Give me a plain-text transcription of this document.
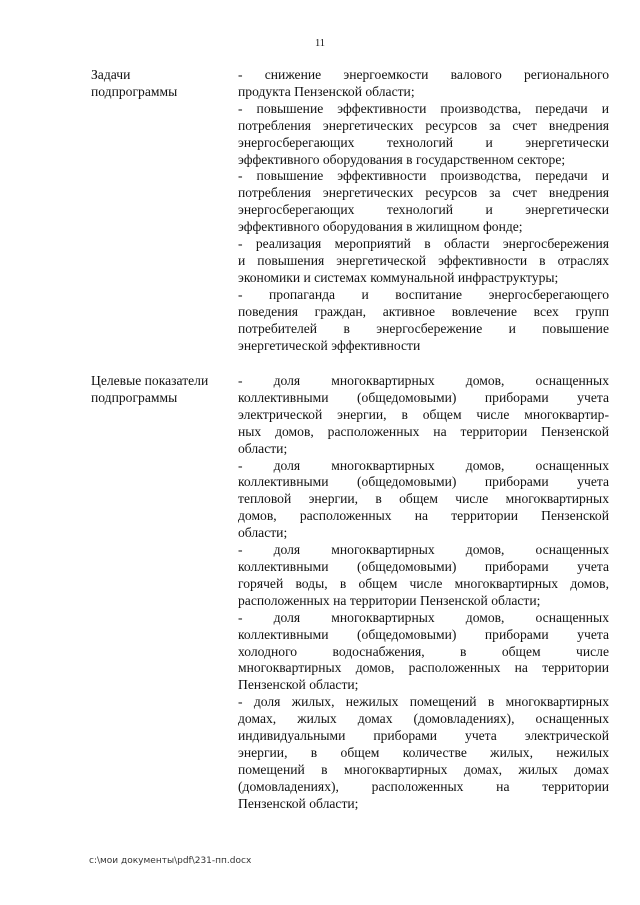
11
Задачи
подпрограммы
- снижение энергоемкости валового регионального
продукта Пензенской области;
- повышение эффективности производства, передачи и
потребления энергетических ресурсов за счет внедрения
энергосберегающих технологий и энергетически
эффективного оборудования в государственном секторе;
- повышение эффективности производства, передачи и
потребления энергетических ресурсов за счет внедрения
энергосберегающих технологий и энергетически
эффективного оборудования в жилищном фонде;
- реализация мероприятий в области энергосбережения
и повышения энергетической эффективности в отраслях
экономики и системах коммунальной инфраструктуры;
- пропаганда и воспитание энергосберегающего
поведения граждан, активное вовлечение всех групп
потребителей в энергосбережение и повышение
энергетической эффективности
Целевые показатели
подпрограммы
- доля многоквартирных домов, оснащенных
коллективными (общедомовыми) приборами учета
электрической энергии, в общем числе многоквартир-
ных домов, расположенных на территории Пензенской
области;
- доля многоквартирных домов, оснащенных
коллективными (общедомовыми) приборами учета
тепловой энергии, в общем числе многоквартирных
домов, расположенных на территории Пензенской
области;
- доля многоквартирных домов, оснащенных
коллективными (общедомовыми) приборами учета
горячей воды, в общем числе многоквартирных домов,
расположенных на территории Пензенской области;
- доля многоквартирных домов, оснащенных
коллективными (общедомовыми) приборами учета
холодного водоснабжения, в общем числе
многоквартирных домов, расположенных на территории
Пензенской области;
- доля жилых, нежилых помещений в многоквартирных
домах, жилых домах (домовладениях), оснащенных
индивидуальными приборами учета электрической
энергии, в общем количестве жилых, нежилых
помещений в многоквартирных домах, жилых домах
(домовладениях), расположенных на территории
Пензенской области;
c:\мои документы\pdf\231-пп.docx
